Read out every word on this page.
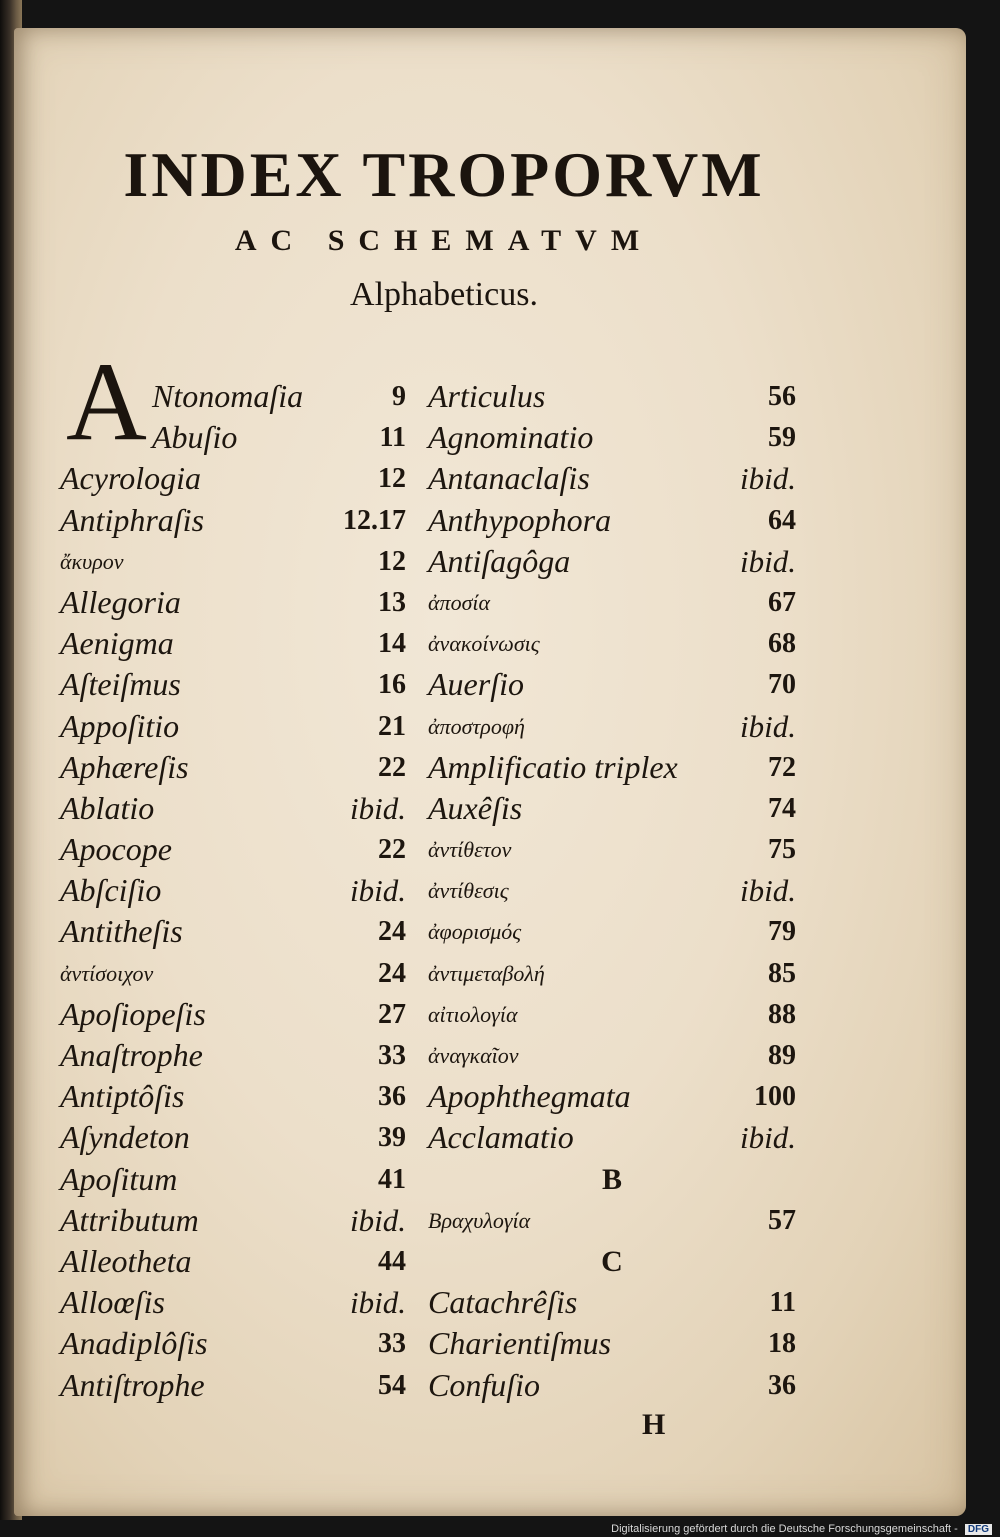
INDEX TROPORVM
AC SCHEMATVM
Alphabeticus.
A Ntonomaſia	9
Abuſio	11
Acyrologia	12
Antiphraſis	12.17
ἄκυρον	12
Allegoria	13
Aenigma	14
Aſteiſmus	16
Appoſitio	21
Aphæreſis	22
Ablatio	ibid.
Apocope	22
Abſciſio	ibid.
Antitheſis	24
ἀντίσοιχον	24
Apoſiopeſis	27
Anaſtrophe	33
Antiptôſis	36
Aſyndeton	39
Apoſitum	41
Attributum	ibid.
Alleotheta	44
Alloœſis	ibid.
Anadiplôſis	33
Antiſtrophe	54
Articulus	56
Agnominatio	59
Antanaclaſis	ibid.
Anthypophora	64
Antiſagôga	ibid.
ἀποσία	67
ἀνακοίνωσις	68
Auerſio	70
ἀποστροφή	ibid.
Amplificatio triplex	72
Auxêſis	74
ἀντίθετον	75
ἀντίθεσις	ibid.
ἀφορισμός	79
ἀντιμεταβολή	85
αἰτιολογία	88
ἀναγκαῖον	89
Apophthegmata	100
Acclamatio	ibid.
B
Βραχυλογία	57
C
Catachrêſis	11
Charientiſmus	18
Confuſio	36
H
Digitalisierung gefördert durch die Deutsche Forschungsgemeinschaft - DFG
